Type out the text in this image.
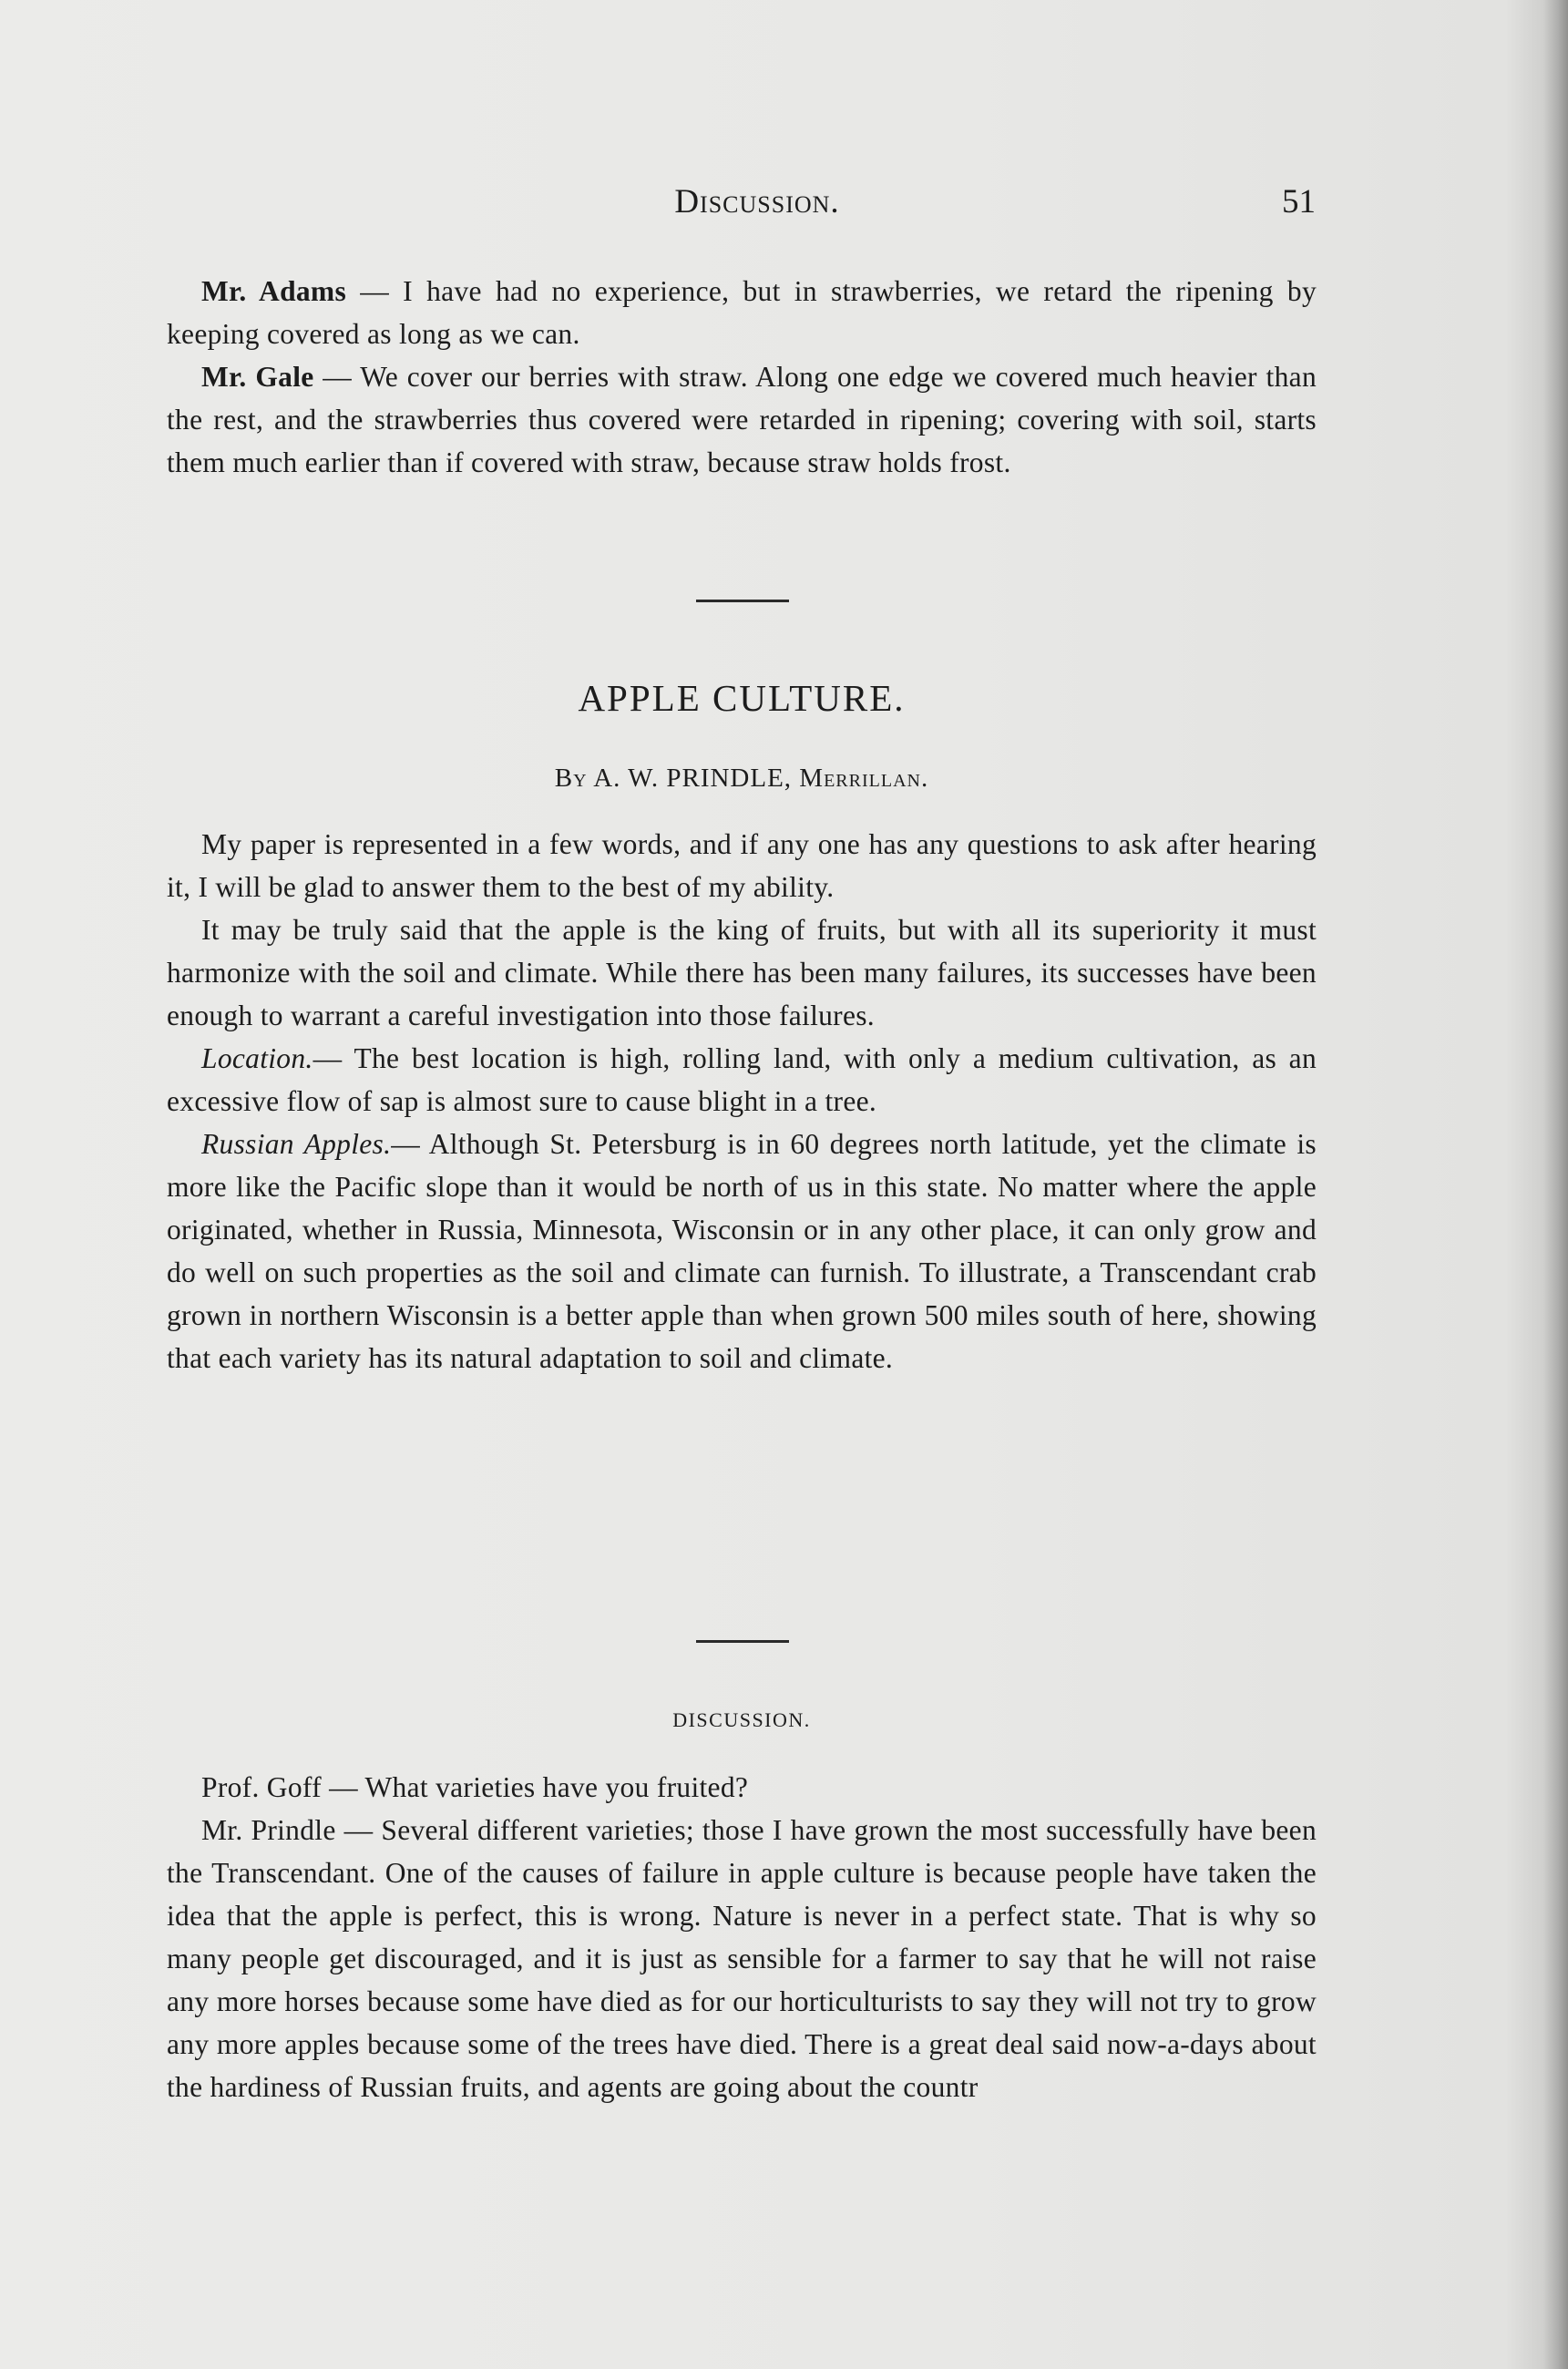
Discussion.	51

Mr. Adams — I have had no experience, but in strawberries, we retard the ripening by keeping covered as long as we can.

Mr. Gale — We cover our berries with straw. Along one edge we covered much heavier than the rest, and the strawberries thus covered were retarded in ripening; covering with soil, starts them much earlier than if covered with straw, because straw holds frost.

APPLE CULTURE.
By A. W. PRINDLE, Merrillan.

My paper is represented in a few words, and if any one has any questions to ask after hearing it, I will be glad to answer them to the best of my ability.

It may be truly said that the apple is the king of fruits, but with all its superiority it must harmonize with the soil and climate. While there has been many failures, its successes have been enough to warrant a careful investigation into those failures.

Location.— The best location is high, rolling land, with only a medium cultivation, as an excessive flow of sap is almost sure to cause blight in a tree.

Russian Apples.— Although St. Petersburg is in 60 degrees north latitude, yet the climate is more like the Pacific slope than it would be north of us in this state. No matter where the apple originated, whether in Russia, Minnesota, Wisconsin or in any other place, it can only grow and do well on such properties as the soil and climate can furnish. To illustrate, a Transcendant crab grown in northern Wisconsin is a better apple than when grown 500 miles south of here, showing that each variety has its natural adaptation to soil and climate.

DISCUSSION.

Prof. Goff — What varieties have you fruited?

Mr. Prindle — Several different varieties; those I have grown the most successfully have been the Transcendant. One of the causes of failure in apple culture is because people have taken the idea that the apple is perfect, this is wrong. Nature is never in a perfect state. That is why so many people get discouraged, and it is just as sensible for a farmer to say that he will not raise any more horses because some have died as for our horticulturists to say they will not try to grow any more apples because some of the trees have died. There is a great deal said now-a-days about the hardiness of Russian fruits, and agents are going about the countr
